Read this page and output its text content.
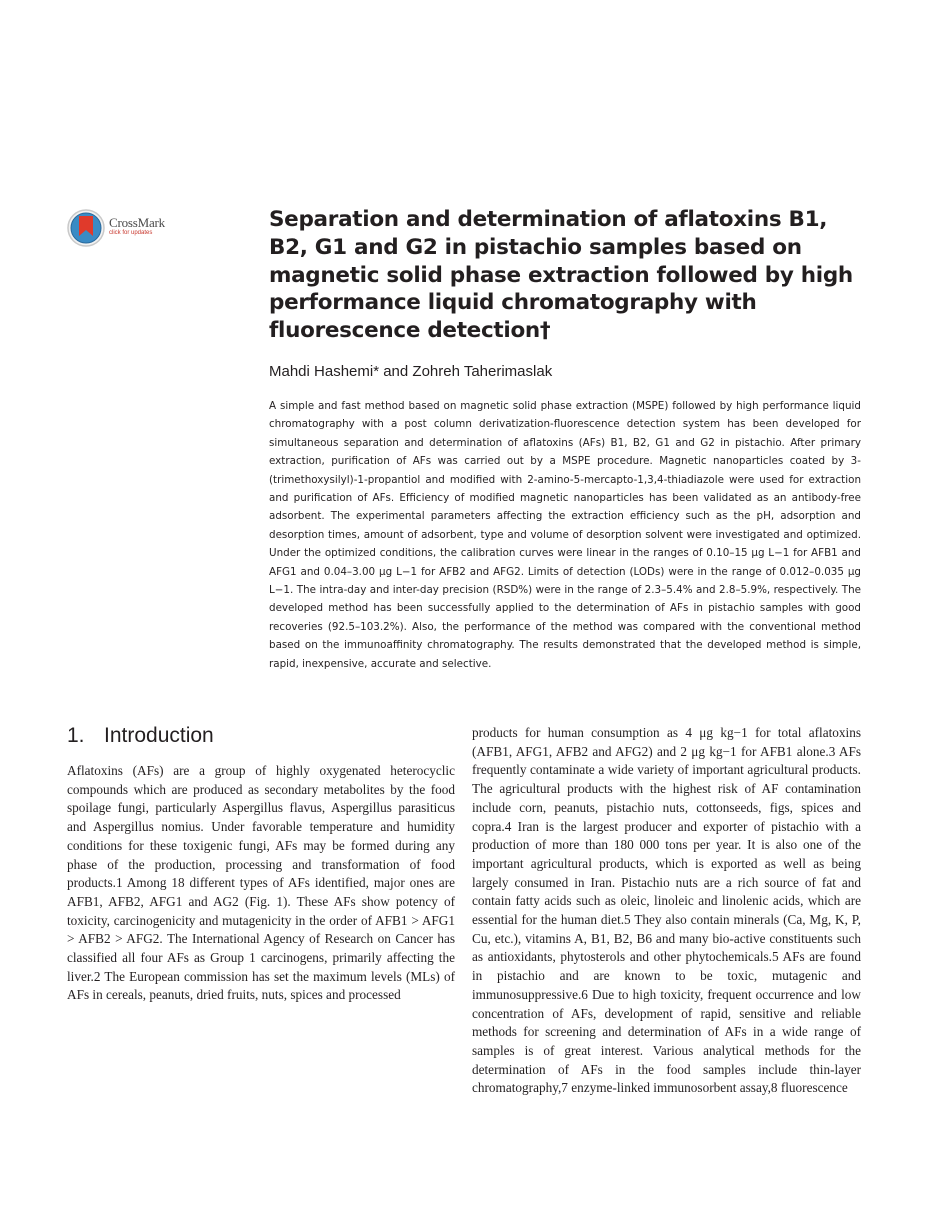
CrossMark
click for updates
Separation and determination of aflatoxins B1, B2, G1 and G2 in pistachio samples based on magnetic solid phase extraction followed by high performance liquid chromatography with fluorescence detection†
Mahdi Hashemi* and Zohreh Taherimaslak

A simple and fast method based on magnetic solid phase extraction (MSPE) followed by high performance liquid chromatography with a post column derivatization-fluorescence detection system has been developed for simultaneous separation and determination of aflatoxins (AFs) B1, B2, G1 and G2 in pistachio. After primary extraction, purification of AFs was carried out by a MSPE procedure. Magnetic nanoparticles coated by 3-(trimethoxysilyl)-1-propantiol and modified with 2-amino-5-mercapto-1,3,4-thiadiazole were used for extraction and purification of AFs. Efficiency of modified magnetic nanoparticles has been validated as an antibody-free adsorbent. The experimental parameters affecting the extraction efficiency such as the pH, adsorption and desorption times, amount of adsorbent, type and volume of desorption solvent were investigated and optimized. Under the optimized conditions, the calibration curves were linear in the ranges of 0.10–15 μg L−1 for AFB1 and AFG1 and 0.04–3.00 μg L−1 for AFB2 and AFG2. Limits of detection (LODs) were in the range of 0.012–0.035 μg L−1. The intra-day and inter-day precision (RSD%) were in the range of 2.3–5.4% and 2.8–5.9%, respectively. The developed method has been successfully applied to the determination of AFs in pistachio samples with good recoveries (92.5–103.2%). Also, the performance of the method was compared with the conventional method based on the immunoaffinity chromatography. The results demonstrated that the developed method is simple, rapid, inexpensive, accurate and selective.

1. Introduction

Aflatoxins (AFs) are a group of highly oxygenated heterocyclic compounds which are produced as secondary metabolites by the food spoilage fungi, particularly Aspergillus flavus, Aspergillus parasiticus and Aspergillus nomius. Under favorable temperature and humidity conditions for these toxigenic fungi, AFs may be formed during any phase of the production, processing and transformation of food products.1 Among 18 different types of AFs identified, major ones are AFB1, AFB2, AFG1 and AG2 (Fig. 1). These AFs show potency of toxicity, carcinogenicity and mutagenicity in the order of AFB1 > AFG1 > AFB2 > AFG2. The International Agency of Research on Cancer has classified all four AFs as Group 1 carcinogens, primarily affecting the liver.2 The European commission has set the maximum levels (MLs) of AFs in cereals, peanuts, dried fruits, nuts, spices and processed

products for human consumption as 4 μg kg−1 for total aflatoxins (AFB1, AFG1, AFB2 and AFG2) and 2 μg kg−1 for AFB1 alone.3 AFs frequently contaminate a wide variety of important agricultural products. The agricultural products with the highest risk of AF contamination include corn, peanuts, pistachio nuts, cottonseeds, figs, spices and copra.4 Iran is the largest producer and exporter of pistachio with a production of more than 180 000 tons per year. It is also one of the important agricultural products, which is exported as well as being largely consumed in Iran. Pistachio nuts are a rich source of fat and contain fatty acids such as oleic, linoleic and linolenic acids, which are essential for the human diet.5 They also contain minerals (Ca, Mg, K, P, Cu, etc.), vitamins A, B1, B2, B6 and many bio-active constituents such as antioxidants, phytosterols and other phytochemicals.5 AFs are found in pistachio and are known to be toxic, mutagenic and immunosuppressive.6 Due to high toxicity, frequent occurrence and low concentration of AFs, development of rapid, sensitive and reliable methods for screening and determination of AFs in a wide range of samples is of great interest. Various analytical methods for the determination of AFs in the food samples include thin-layer chromatography,7 enzyme-linked immunosorbent assay,8 fluorescence
